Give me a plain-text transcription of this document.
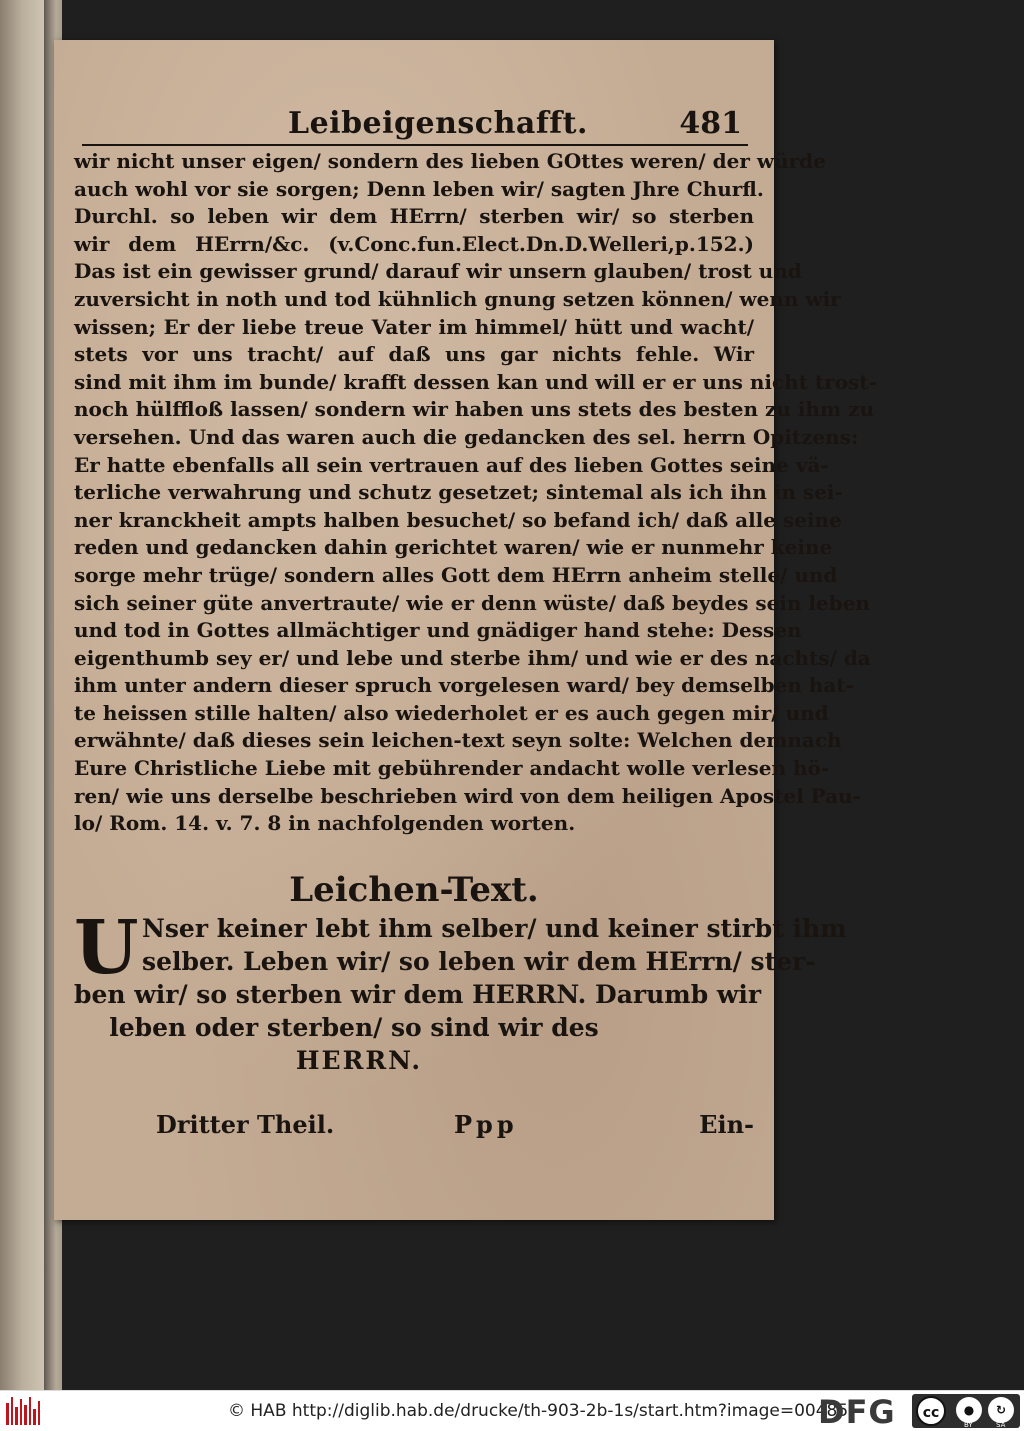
Leibeigenschafft.	481
wir nicht unser eigen/ sondern des lieben GOttes weren/ der würde
auch wohl vor sie sorgen; Denn leben wir/ sagten Jhre Churfl.
Durchl. so leben wir dem HErrn/ sterben wir/ so sterben
wir dem HErrn/&c. (v.Conc.fun.Elect.Dn.D.Welleri,p.152.)
Das ist ein gewisser grund/ darauf wir unsern glauben/ trost und
zuversicht in noth und tod kühnlich gnung setzen können/ wenn wir
wissen; Er der liebe treue Vater im himmel/ hütt und wacht/
stets vor uns tracht/ auf daß uns gar nichts fehle. Wir
sind mit ihm im bunde/ krafft dessen kan und will er er uns nicht trost-
noch hülffloß lassen/ sondern wir haben uns stets des besten zu ihm zu
versehen. Und das waren auch die gedancken des sel. herrn Opitzens:
Er hatte ebenfalls all sein vertrauen auf des lieben Gottes seine vä-
terliche verwahrung und schutz gesetzet; sintemal als ich ihn in sei-
ner kranckheit ampts halben besuchet/ so befand ich/ daß alle seine
reden und gedancken dahin gerichtet waren/ wie er nunmehr keine
sorge mehr trüge/ sondern alles Gott dem HErrn anheim stelle/ und
sich seiner güte anvertraute/ wie er denn wüste/ daß beydes sein leben
und tod in Gottes allmächtiger und gnädiger hand stehe: Dessen
eigenthumb sey er/ und lebe und sterbe ihm/ und wie er des nachts/ da
ihm unter andern dieser spruch vorgelesen ward/ bey demselben hat-
te heissen stille halten/ also wiederholet er es auch gegen mir/ und
erwähnte/ daß dieses sein leichen-text seyn solte: Welchen demnach
Eure Christliche Liebe mit gebührender andacht wolle verlesen hö-
ren/ wie uns derselbe beschrieben wird von dem heiligen Apostel Pau-
lo/ Rom. 14. v. 7. 8 in nachfolgenden worten.
Leichen-Text.
U Nser keiner lebt ihm selber/ und keiner stirbt ihm
selber. Leben wir/ so leben wir dem HErrn/ ster-
ben wir/ so sterben wir dem HERRN. Darumb wir
leben oder sterben/ so sind wir des
HERRN.
Dritter Theil.	Ppp	Ein-
© HAB http://diglib.hab.de/drucke/th-903-2b-1s/start.htm?image=00485
DFG	cc	●	↻
BY	SA
